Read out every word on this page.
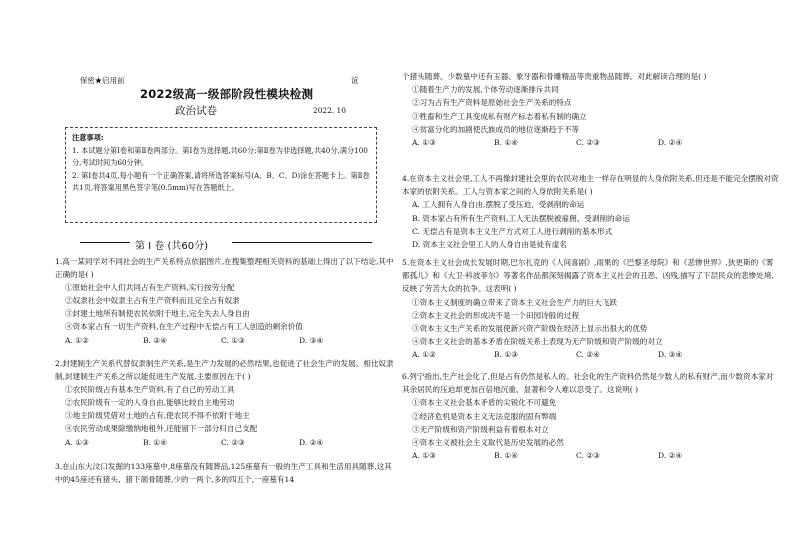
保密★启用前	谊
2022级高一级部阶段性模块检测
政治试卷	2022. 10
注意事项:
1. 本试题分第Ⅰ卷和第Ⅱ卷两部分。第Ⅰ卷为选择题,共60分;第Ⅱ卷为非选择题,共40分,满分100分,考试时间为60分钟。
2. 第Ⅰ卷共4页,每小题有一个正确答案,请将所选答案标号(A、B、C、D)涂在答题卡上。第Ⅱ卷共1页,将答案用黑色签字笔(0.5mm)写在答题纸上。
第 Ⅰ 卷 (共60分)
1.高一某同学对不同社会的生产关系特点依据图片,在搜集整理相关资料的基础上得出了以下结论,其中正确的是( )
①原始社会中人们共同占有生产资料,实行按劳分配
②奴隶社会中奴隶主占有生产资料而且完全占有奴隶
③封建土地所有制使农民依附于地主,完全失去人身自由
④资本家占有一切生产资料,在生产过程中无偿占有工人创造的剩余价值
A. ①②	B. ②④	C. ①③	D. ③④
2.封建制生产关系代替奴隶制生产关系,是生产力发展的必然结果,也促进了社会生产的发展。相比奴隶制,封建制生产关系之所以能促进生产发展,主要原因在于( )
①农民阶级占有基本生产资料,有了自己的劳动工具
②农民阶级有一定的人身自由,能够比较自主地劳动
③地主阶级凭借对土地的占有,使农民不得不依附于地主
④农民劳动成果除缴纳地租外,还能留下一部分归自己支配
A. ①③	B. ①④	C. ②③	D. ②④
3.在山东大汶口发掘的133座墓中,8座墓没有随葬品,125座墓有一般的生产工具和生活用具随葬,这其中的45座还有猪头、猪下颌骨随葬,少的一两个,多的四五个,一座墓有14
个猪头随葬。少数墓中还有玉器、象牙器和骨雕精品等贵重物品随葬。对此解读合理的是( )
①随着生产力的发展,个体劳动逐渐排斥共同
②习为占有生产资料是原始社会生产关系的特点
③牲畜和生产工具变成私有财产标志着私有制的确立
④贫富分化的加剧使氏族成员的地位逐渐趋于不等
A. ①③	B. ①④	C. ②③	D. ②④
4.在资本主义社会里,工人不再像封建社会里的农民对地主一样存在明显的人身依附关系,但还是不能完全摆脱对资本家的依附关系。工人与资本家之间的人身依附关系是( )
A. 工人拥有人身自由,摆脱了受压迫、受剥削的命运
B. 资本家占有所有生产资料,工人无法摆脱被雇佣、受剥削的命运
C. 无偿占有是资本主义生产方式对工人进行剥削的基本形式
D. 资本主义社会里工人的人身自由是徒有虚名
5.在资本主义社会成长发展时期,巴尔扎克的《人间喜剧》,雨果的《巴黎圣母院》和《悲惨世界》,狄更斯的《雾都孤儿》和《大卫·科波菲尔》等著名作品都深刻揭露了资本主义社会的丑恶、凶残,描写了下层民众的悲惨处境,反映了劳苦大众的抗争。这表明( )
①资本主义制度的确立带来了资本主义社会生产力的巨大飞跃
②资本主义社会的形成决不是一个田园诗般的过程
③资本主义生产关系的发展使新兴资产阶级在经济上显示出很大的优势
④资本主义社会的基本矛盾在阶级关系上表现为无产阶级和资产阶级的对立
A. ①②	B. ①③	C. ②④	D. ③④
6.列宁指出,生产社会化了,但是占有仍然是私人的。社会化的生产资料仍然是少数人的私有财产,而少数资本家对其余居民的压迫却更加百倍地沉重、显著和令人难以忍受了。这说明( )
①资本主义社会基本矛盾的尖锐化不可避免
②经济危机是资本主义无法克服的固有弊端
③无产阶级和资产阶级利益有着根本对立
④资本主义被社会主义取代是历史发展的必然
A. ①③	B. ①④	C. ②③	D. ②④
